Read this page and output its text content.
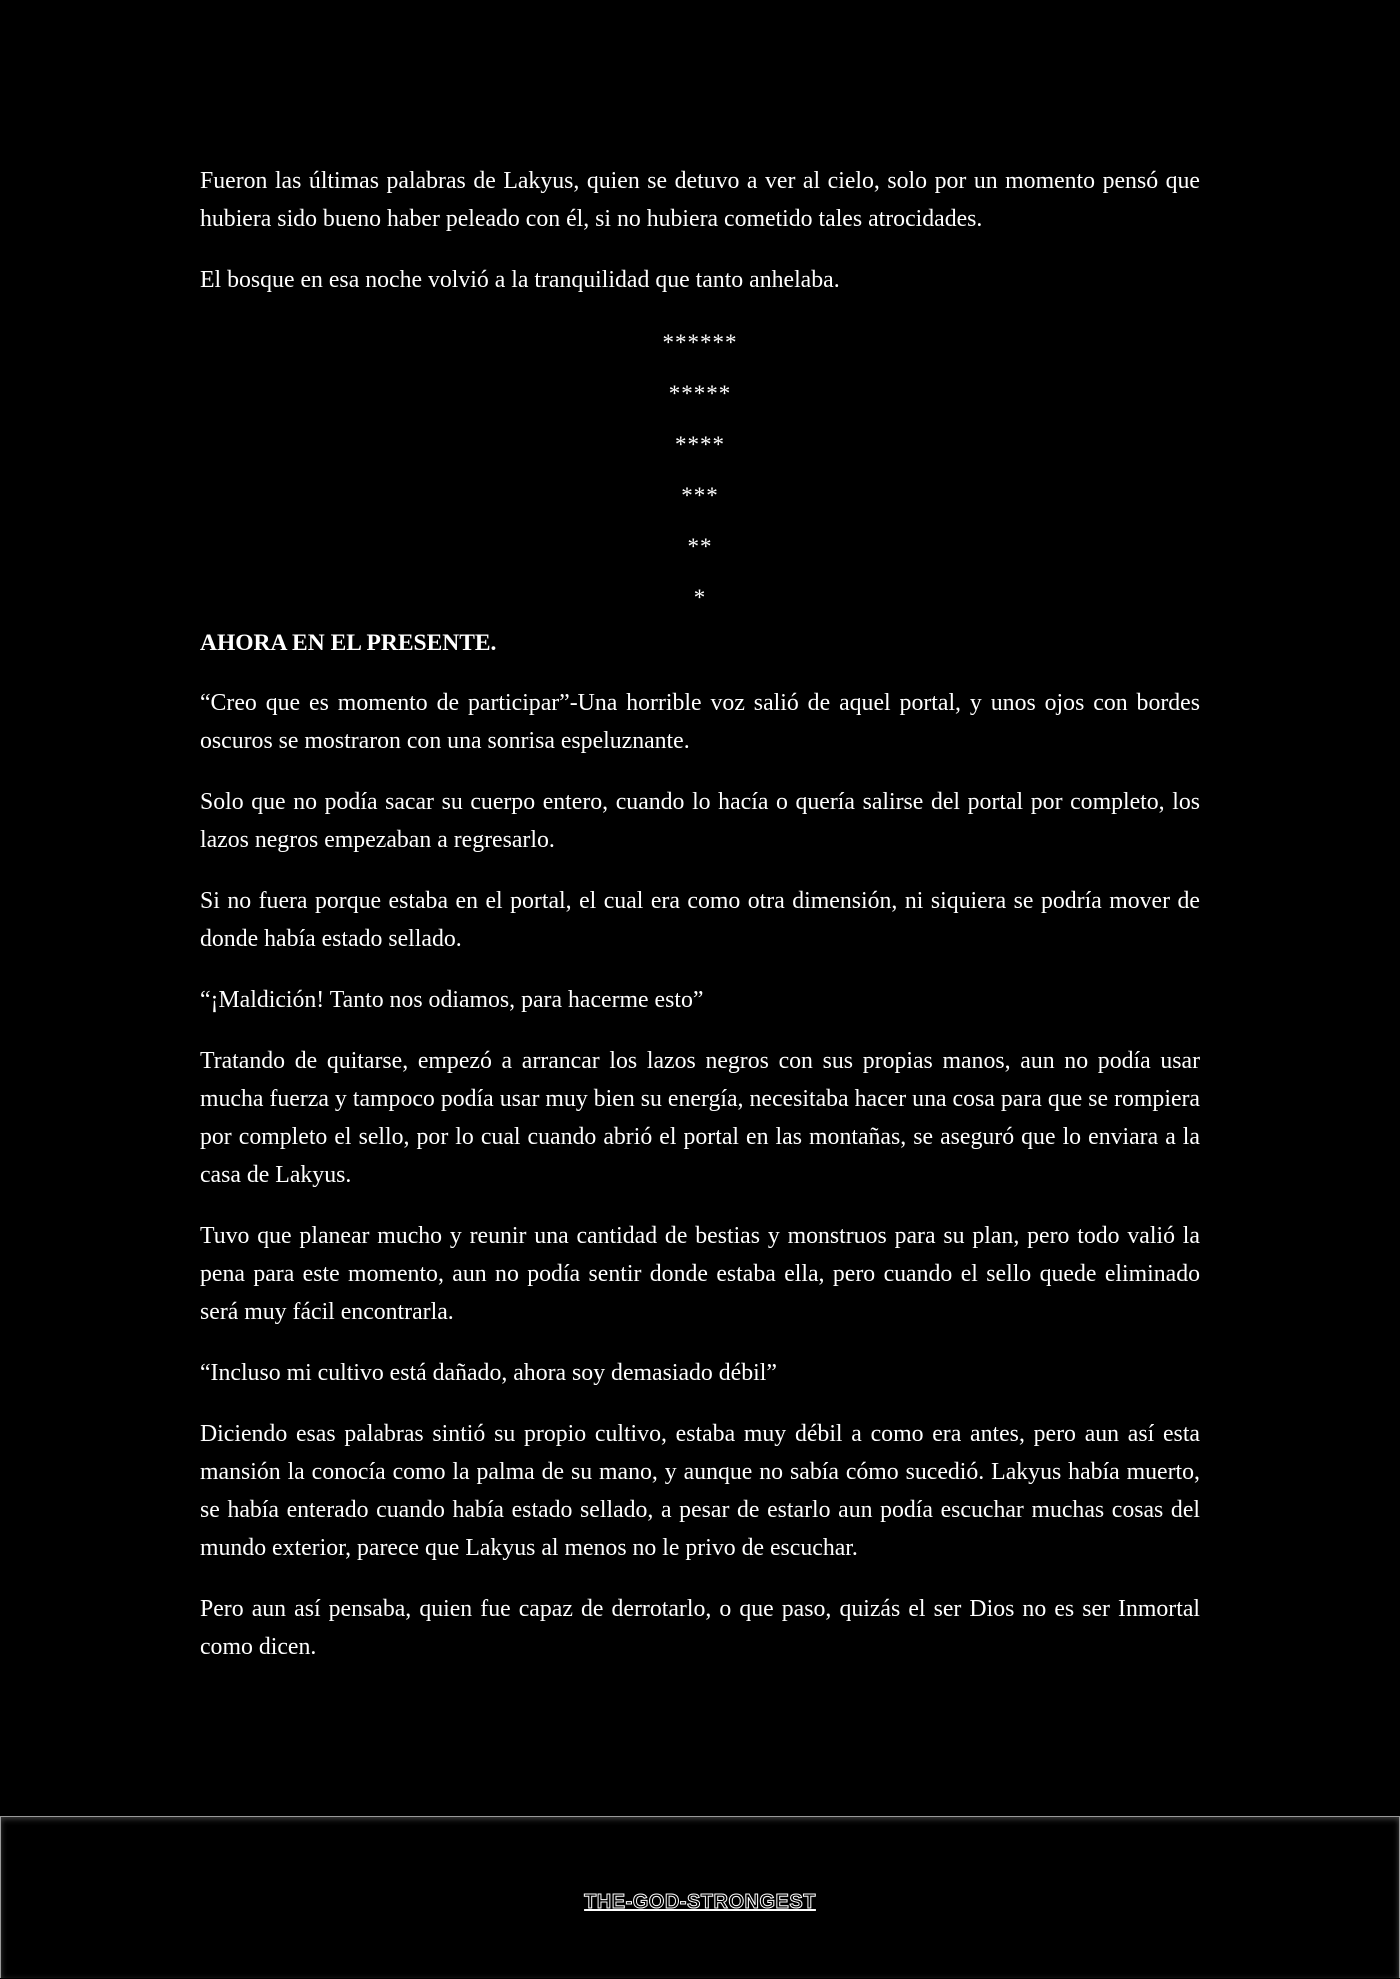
Fueron las últimas palabras de Lakyus, quien se detuvo a ver al cielo, solo por un momento pensó que hubiera sido bueno haber peleado con él, si no hubiera cometido tales atrocidades.

El bosque en esa noche volvió a la tranquilidad que tanto anhelaba.

******
*****
****
***
**
*
AHORA EN EL PRESENTE.

“Creo que es momento de participar”-Una horrible voz salió de aquel portal, y unos ojos con bordes oscuros se mostraron con una sonrisa espeluznante.

Solo que no podía sacar su cuerpo entero, cuando lo hacía o quería salirse del portal por completo, los lazos negros empezaban a regresarlo.

Si no fuera porque estaba en el portal, el cual era como otra dimensión, ni siquiera se podría mover de donde había estado sellado.

“¡Maldición! Tanto nos odiamos, para hacerme esto”

Tratando de quitarse, empezó a arrancar los lazos negros con sus propias manos, aun no podía usar mucha fuerza y tampoco podía usar muy bien su energía, necesitaba hacer una cosa para que se rompiera por completo el sello, por lo cual cuando abrió el portal en las montañas, se aseguró que lo enviara a la casa de Lakyus.

Tuvo que planear mucho y reunir una cantidad de bestias y monstruos para su plan, pero todo valió la pena para este momento, aun no podía sentir donde estaba ella, pero cuando el sello quede eliminado será muy fácil encontrarla.

“Incluso mi cultivo está dañado, ahora soy demasiado débil”

Diciendo esas palabras sintió su propio cultivo, estaba muy débil a como era antes, pero aun así esta mansión la conocía como la palma de su mano, y aunque no sabía cómo sucedió. Lakyus había muerto, se había enterado cuando había estado sellado, a pesar de estarlo aun podía escuchar muchas cosas del mundo exterior, parece que Lakyus al menos no le privo de escuchar.

Pero aun así pensaba, quien fue capaz de derrotarlo, o que paso, quizás el ser Dios no es ser Inmortal como dicen.

THE-GOD-STRONGEST
